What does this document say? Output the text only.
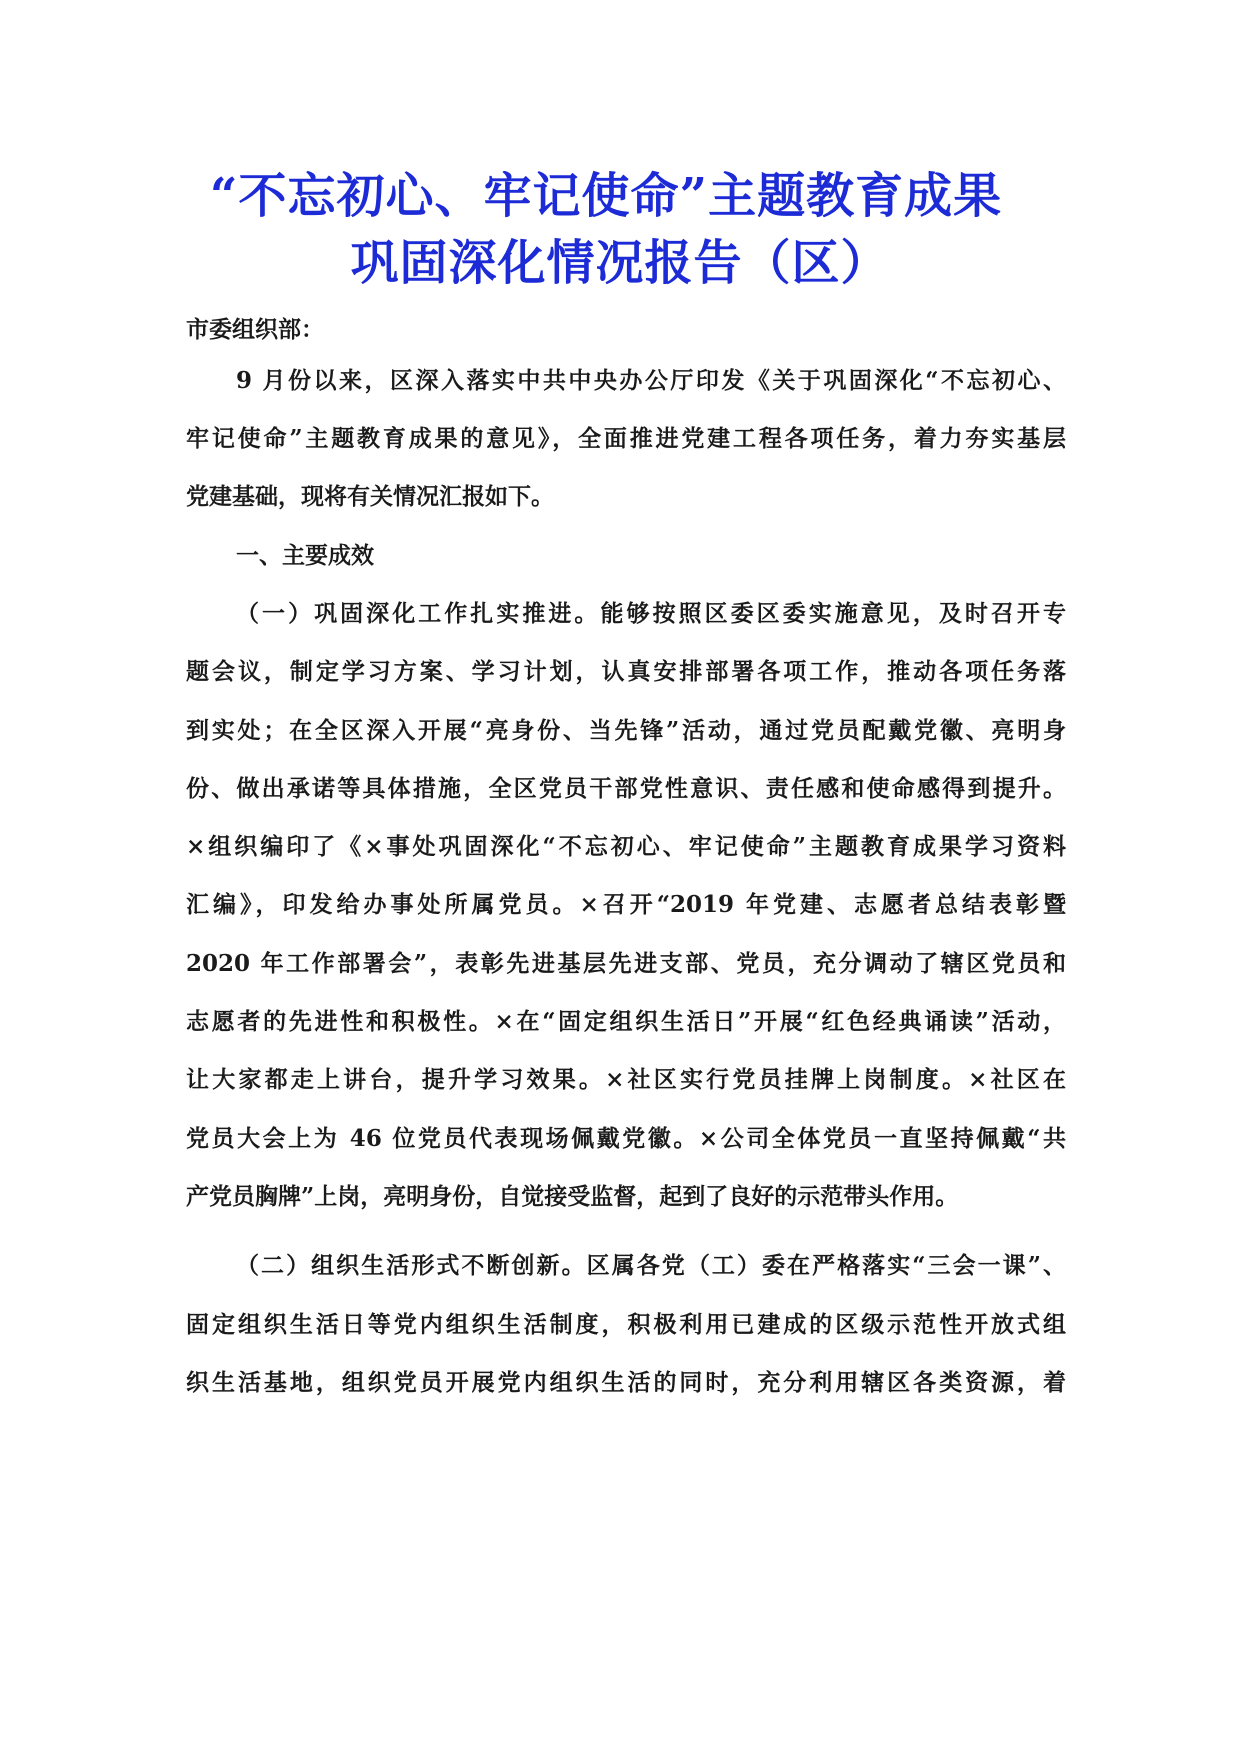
“不忘初心、牢记使命”主题教育成果
巩固深化情况报告（区）
市委组织部：
9 月份以来，区深入落实中共中央办公厅印发《关于巩固深化“不忘初心、
牢记使命”主题教育成果的意见》，全面推进党建工程各项任务，着力夯实基层
党建基础，现将有关情况汇报如下。
一、主要成效
（一）巩固深化工作扎实推进。能够按照区委区委实施意见，及时召开专
题会议，制定学习方案、学习计划，认真安排部署各项工作，推动各项任务落
到实处；在全区深入开展“亮身份、当先锋”活动，通过党员配戴党徽、亮明身
份、做出承诺等具体措施，全区党员干部党性意识、责任感和使命感得到提升。
×组织编印了《×事处巩固深化“不忘初心、牢记使命”主题教育成果学习资料
汇编》，印发给办事处所属党员。×召开“2019 年党建、志愿者总结表彰暨
2020 年工作部署会”，表彰先进基层先进支部、党员，充分调动了辖区党员和
志愿者的先进性和积极性。×在“固定组织生活日”开展“红色经典诵读”活动，
让大家都走上讲台，提升学习效果。×社区实行党员挂牌上岗制度。×社区在
党员大会上为 46 位党员代表现场佩戴党徽。×公司全体党员一直坚持佩戴“共
产党员胸牌”上岗，亮明身份，自觉接受监督，起到了良好的示范带头作用。
（二）组织生活形式不断创新。区属各党（工）委在严格落实“三会一课”、
固定组织生活日等党内组织生活制度，积极利用已建成的区级示范性开放式组
织生活基地，组织党员开展党内组织生活的同时，充分利用辖区各类资源，着
